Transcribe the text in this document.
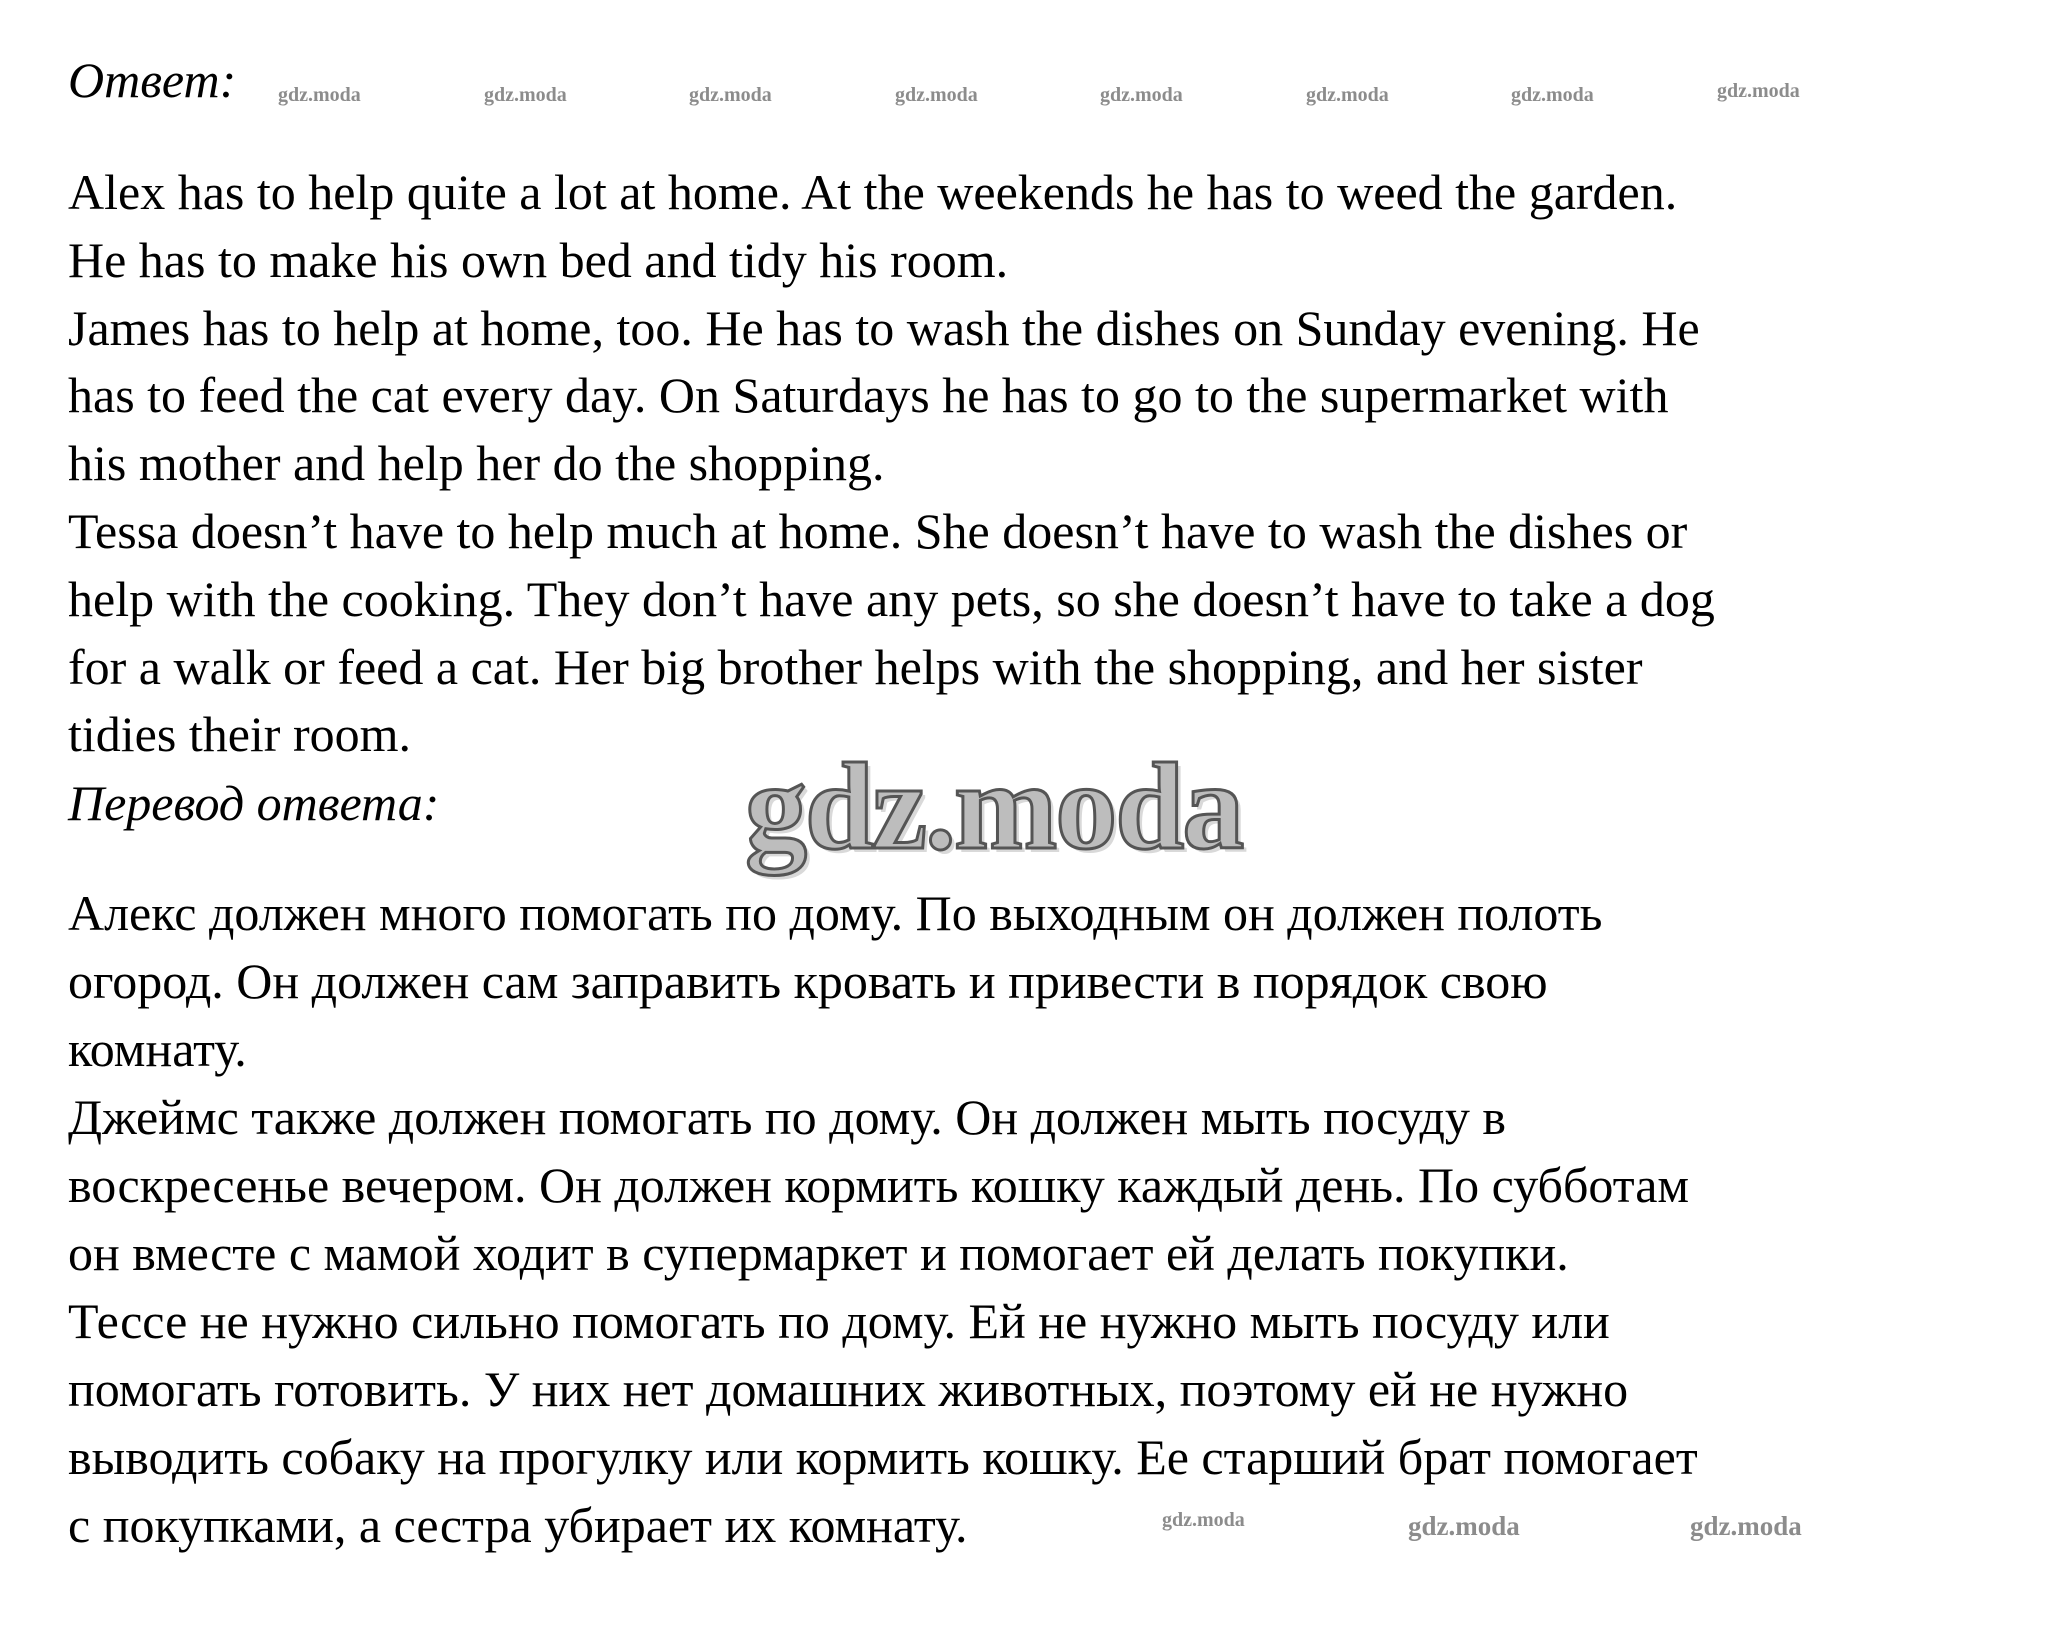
Ответ: gdz.moda	gdz.moda	gdz.moda	gdz.moda	gdz.moda	gdz.moda	gdz.moda	gdz.moda
Alex has to help quite a lot at home. At the weekends he has to weed the garden.
He has to make his own bed and tidy his room.
James has to help at home, too. He has to wash the dishes on Sunday evening. He
has to feed the cat every day. On Saturdays he has to go to the supermarket with
his mother and help her do the shopping.
Tessa doesn’t have to help much at home. She doesn’t have to wash the dishes or
help with the cooking. They don’t have any pets, so she doesn’t have to take a dog
for a walk or feed a cat. Her big brother helps with the shopping, and her sister
tidies their room.
Перевод ответа: gdz.moda
Алекс должен много помогать по дому. По выходным он должен полоть
огород. Он должен сам заправить кровать и привести в порядок свою
комнату.
Джеймс также должен помогать по дому. Он должен мыть посуду в
воскресенье вечером. Он должен кормить кошку каждый день. По субботам
он вместе с мамой ходит в супермаркет и помогает ей делать покупки.
Тессе не нужно сильно помогать по дому. Ей не нужно мыть посуду или
помогать готовить. У них нет домашних животных, поэтому ей не нужно
выводить собаку на прогулку или кормить кошку. Ее старший брат помогает
с покупками, а сестра убирает их комнату.	gdz.moda	gdz.moda	gdz.moda
